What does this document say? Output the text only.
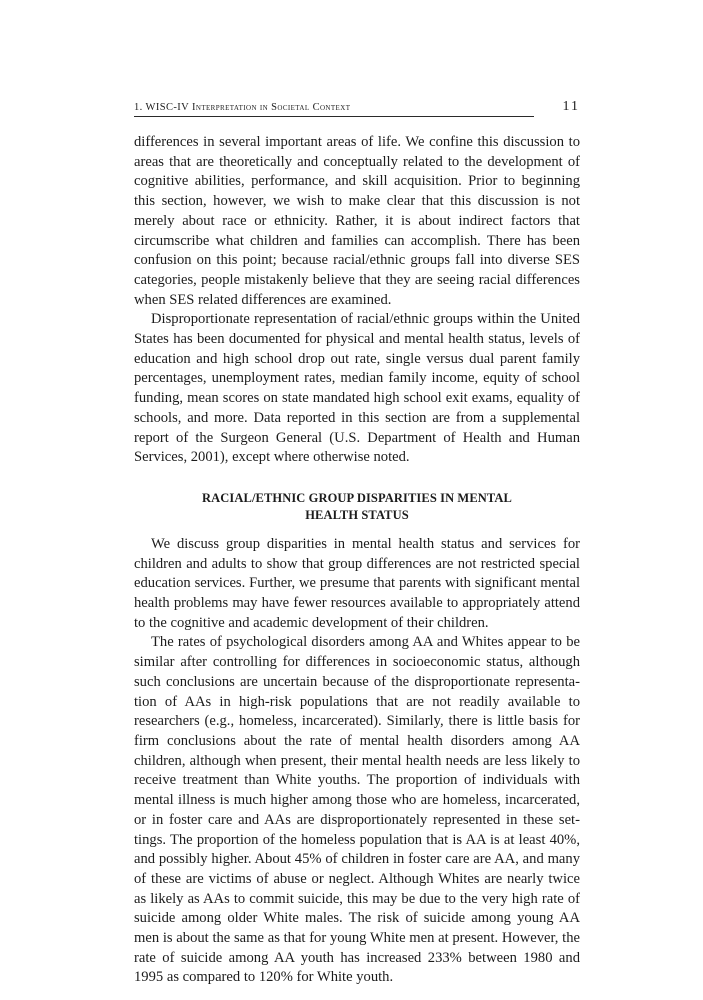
1. WISC-IV Interpretation in Societal Context	11

differences in several important areas of life. We confine this discussion to areas that are theoretically and conceptually related to the development of cognitive abilities, performance, and skill acquisition. Prior to beginning this section, however, we wish to make clear that this discussion is not merely about race or ethnicity. Rather, it is about indirect factors that circumscribe what children and families can accomplish. There has been confusion on this point; because racial/ethnic groups fall into diverse SES categories, people mistakenly believe that they are seeing racial differences when SES related differences are examined.

Disproportionate representation of racial/ethnic groups within the United States has been documented for physical and mental health status, levels of education and high school drop out rate, single versus dual parent family percentages, unemployment rates, median family income, equity of school funding, mean scores on state mandated high school exit exams, equality of schools, and more. Data reported in this section are from a supplemental report of the Surgeon General (U.S. Department of Health and Human Services, 2001), except where otherwise noted.

RACIAL/ETHNIC GROUP DISPARITIES IN MENTAL
HEALTH STATUS

We discuss group disparities in mental health status and services for children and adults to show that group differences are not restricted special education services. Further, we presume that parents with significant mental health problems may have fewer resources available to appropriately attend to the cognitive and academic development of their children.

The rates of psychological disorders among AA and Whites appear to be similar after controlling for differences in socioeconomic status, although such conclusions are uncertain because of the disproportionate representation of AAs in high-risk populations that are not readily available to researchers (e.g., homeless, incarcerated). Similarly, there is little basis for firm conclusions about the rate of mental health disorders among AA children, although when present, their mental health needs are less likely to receive treatment than White youths. The proportion of individuals with mental illness is much higher among those who are homeless, incarcerated, or in foster care and AAs are disproportionately represented in these settings. The proportion of the homeless population that is AA is at least 40%, and possibly higher. About 45% of children in foster care are AA, and many of these are victims of abuse or neglect. Although Whites are nearly twice as likely as AAs to commit suicide, this may be due to the very high rate of suicide among older White males. The risk of suicide among young AA men is about the same as that for young White men at present. However, the rate of suicide among AA youth has increased 233% between 1980 and 1995 as compared to 120% for White youth.
